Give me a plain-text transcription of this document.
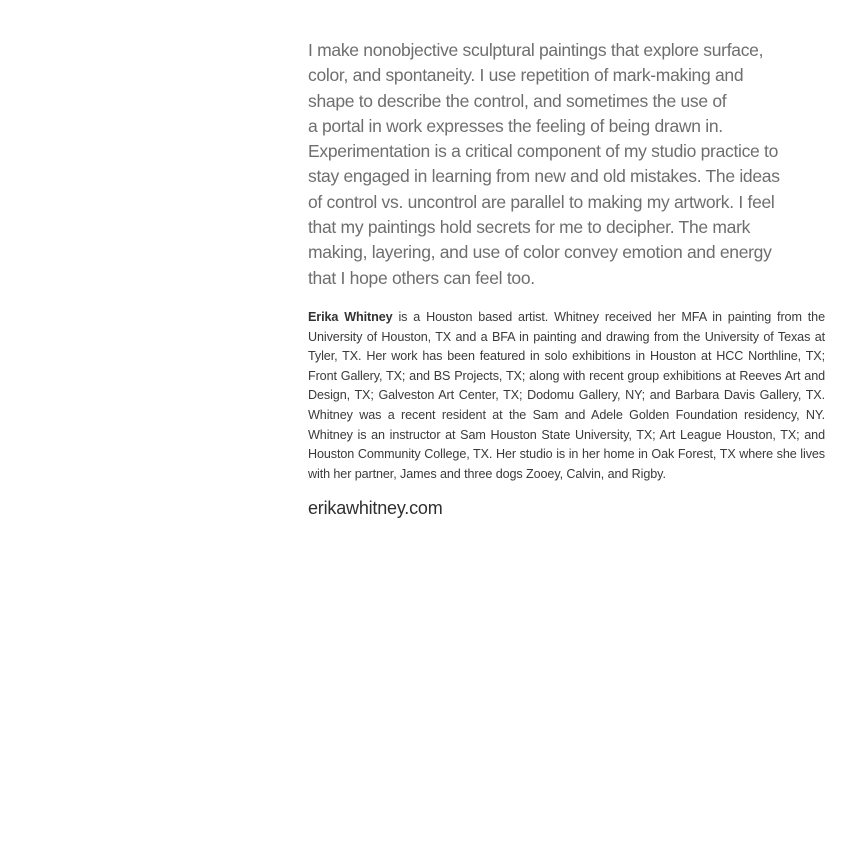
I make nonobjective sculptural paintings that explore surface,
color, and spontaneity. I use repetition of mark-making and
shape to describe the control, and sometimes the use of
a portal in work expresses the feeling of being drawn in.
Experimentation is a critical component of my studio practice to
stay engaged in learning from new and old mistakes. The ideas
of control vs. uncontrol are parallel to making my artwork. I feel
that my paintings hold secrets for me to decipher. The mark
making, layering, and use of color convey emotion and energy
that I hope others can feel too.

Erika Whitney is a Houston based artist. Whitney received her MFA in painting from the University of Houston, TX and a BFA in painting and drawing from the University of Texas at Tyler, TX. Her work has been featured in solo exhibitions in Houston at HCC Northline, TX; Front Gallery, TX; and BS Projects, TX; along with recent group exhibitions at Reeves Art and Design, TX; Galveston Art Center, TX; Dodomu Gallery, NY; and Barbara Davis Gallery, TX. Whitney was a recent resident at the Sam and Adele Golden Foundation residency, NY. Whitney is an instructor at Sam Houston State University, TX; Art League Houston, TX; and Houston Community College, TX. Her studio is in her home in Oak Forest, TX where she lives with her partner, James and three dogs Zooey, Calvin, and Rigby.

erikawhitney.com
